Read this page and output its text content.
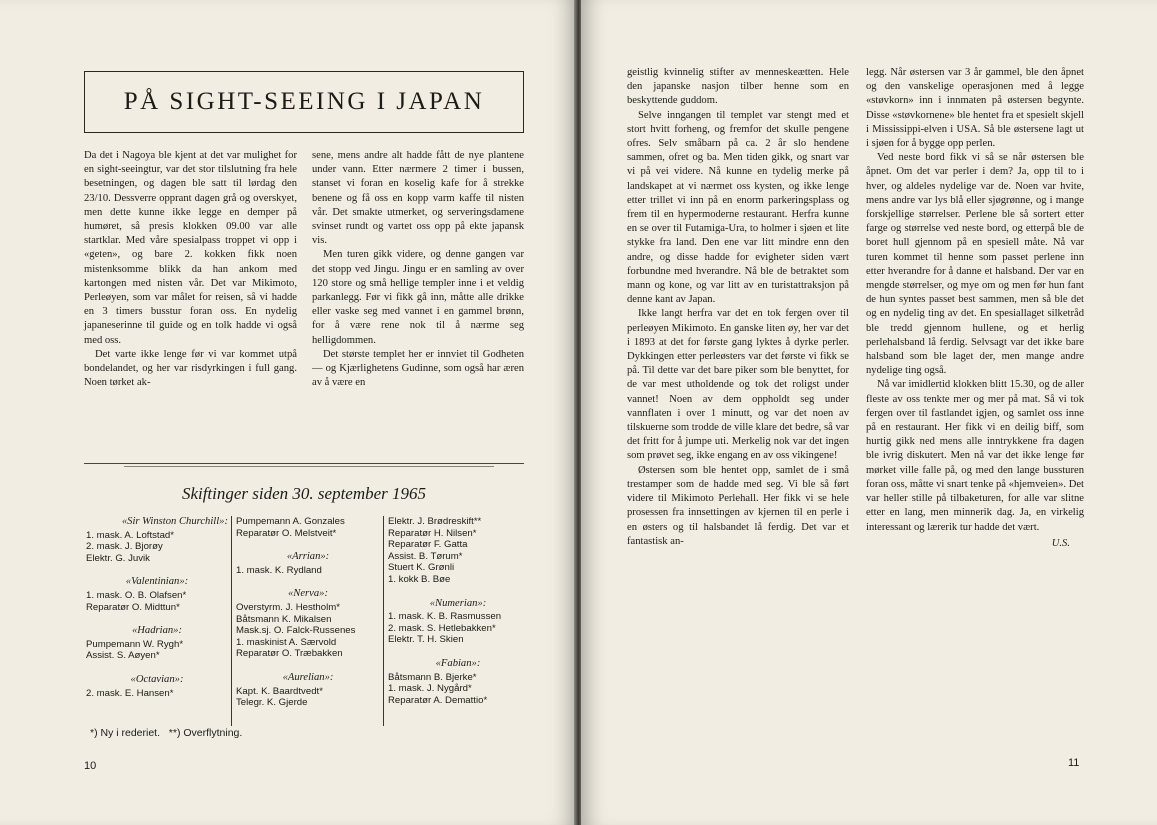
PÅ SIGHT-SEEING I JAPAN

Da det i Nagoya ble kjent at det var mulighet for en sight-seeingtur, var det stor tilslutning fra hele besetningen, og dagen ble satt til lørdag den 23/10. Dessverre opprant dagen grå og overskyet, men dette kunne ikke legge en demper på humøret, så presis klokken 09.00 var alle startklar. Med våre spesialpass troppet vi opp i «geten», og bare 2. kokken fikk noen mistenksomme blikk da han ankom med kartongen med nisten vår. Det var Mikimoto, Perleøyen, som var målet for reisen, så vi hadde en 3 timers busstur foran oss. En nydelig japaneserinne til guide og en tolk hadde vi også med oss.

Det varte ikke lenge før vi var kommet utpå bondelandet, og her var risdyrkingen i full gang. Noen tørket ak-

sene, mens andre alt hadde fått de nye plantene under vann. Etter nærmere 2 timer i bussen, stanset vi foran en koselig kafe for å strekke benene og få oss en kopp varm kaffe til nisten vår. Det smakte utmerket, og serveringsdamene svinset rundt og vartet oss opp på ekte japansk vis.

Men turen gikk videre, og denne gangen var det stopp ved Jingu. Jingu er en samling av over 120 store og små hellige templer inne i et veldig parkanlegg. Før vi fikk gå inn, måtte alle drikke eller vaske seg med vannet i en gammel brønn, for å være rene nok til å nærme seg helligdommen.

Det største templet her er innviet til Godheten — og Kjærlighetens Gudinne, som også har æren av å være en

Skiftinger siden 30. september 1965
«Sir Winston Churchill»:
1. mask. A. Loftstad*
2. mask. J. Bjorøy
Elektr. G. Juvik
«Valentinian»:
1. mask. O. B. Olafsen*
Reparatør O. Midttun*
«Hadrian»:
Pumpemann W. Rygh*
Assist. S. Aøyen*
«Octavian»:
2. mask. E. Hansen*
Pumpemann A. Gonzales
Reparatør O. Melstveit*
«Arrian»:
1. mask. K. Rydland
«Nerva»:
Overstyrm. J. Hestholm*
Båtsmann K. Mikalsen
Mask.sj. O. Falck-Russenes
1. maskinist A. Særvold
Reparatør O. Træbakken
«Aurelian»:
Kapt. K. Baardtvedt*
Telegr. K. Gjerde
Elektr. J. Brødreskift**
Reparatør H. Nilsen*
Reparatør F. Gatta
Assist. B. Tørum*
Stuert K. Grønli
1. kokk B. Bøe
«Numerian»:
1. mask. K. B. Rasmussen
2. mask. S. Hetlebakken*
Elektr. T. H. Skien
«Fabian»:
Båtsmann B. Bjerke*
1. mask. J. Nygård*
Reparatør A. Demattio*
*) Ny i rederiet.   **) Overflytning.
10

geistlig kvinnelig stifter av menneskeætten. Hele den japanske nasjon tilber henne som en beskyttende guddom.

Selve inngangen til templet var stengt med et stort hvitt forheng, og fremfor det skulle pengene ofres. Selv småbarn på ca. 2 år slo hendene sammen, ofret og ba. Men tiden gikk, og snart var vi på vei videre. Nå kunne en tydelig merke på landskapet at vi nærmet oss kysten, og ikke lenge etter trillet vi inn på en enorm parkeringsplass og frem til en hypermoderne restaurant. Herfra kunne en se over til Futamiga-Ura, to holmer i sjøen et lite stykke fra land. Den ene var litt mindre enn den andre, og disse hadde for evigheter siden vært forbundne med hverandre. Nå ble de betraktet som mann og kone, og var litt av en turistattraksjon på denne kant av Japan.

Ikke langt herfra var det en tok fergen over til perleøyen Mikimoto. En ganske liten øy, her var det i 1893 at det for første gang lyktes å dyrke perler. Dykkingen etter perleøsters var det første vi fikk se på. Til dette var det bare piker som ble benyttet, for de var mest utholdende og tok det roligst under vannet! Noen av dem oppholdt seg under vannflaten i over 1 minutt, og var det noen av tilskuerne som trodde de ville klare det bedre, så var det fritt for å jumpe uti. Merkelig nok var det ingen som prøvet seg, ikke engang en av oss vikingene!

Østersen som ble hentet opp, samlet de i små trestamper som de hadde med seg. Vi ble så ført videre til Mikimoto Perlehall. Her fikk vi se hele prosessen fra innsettingen av kjernen til en perle i en østers og til halsbandet lå ferdig. Det var et fantastisk an-

legg. Når østersen var 3 år gammel, ble den åpnet og den vanskelige operasjonen med å legge «støvkorn» inn i innmaten på østersen begynte. Disse «støvkornene» ble hentet fra et spesielt skjell i Mississippi-elven i USA. Så ble østersene lagt ut i sjøen for å bygge opp perlen.

Ved neste bord fikk vi så se når østersen ble åpnet. Om det var perler i dem? Ja, opp til to i hver, og aldeles nydelige var de. Noen var hvite, mens andre var lys blå eller sjøgrønne, og i mange forskjellige størrelser. Perlene ble så sortert etter farge og størrelse ved neste bord, og etterpå ble de boret hull gjennom på en spesiell måte. Nå var turen kommet til henne som passet perlene inn etter hverandre for å danne et halsband. Der var en mengde størrelser, og mye om og men før hun fant de hun syntes passet best sammen, men så ble det og en nydelig ting av det. En spesiallaget silketråd ble tredd gjennom hullene, og et herlig perlehalsband lå ferdig. Selvsagt var det ikke bare halsband som ble laget der, men mange andre nydelige ting også.

Nå var imidlertid klokken blitt 15.30, og de aller fleste av oss tenkte mer og mer på mat. Så vi tok fergen over til fastlandet igjen, og samlet oss inne på en restaurant. Her fikk vi en deilig biff, som hurtig gikk ned mens alle inntrykkene fra dagen ble ivrig diskutert. Men nå var det ikke lenge før mørket ville falle på, og med den lange bussturen foran oss, måtte vi snart tenke på «hjemveien». Det var heller stille på tilbaketuren, for alle var slitne etter en lang, men minnerik dag. Ja, en virkelig interessant og lærerik tur hadde det vært.

U.S.
11
